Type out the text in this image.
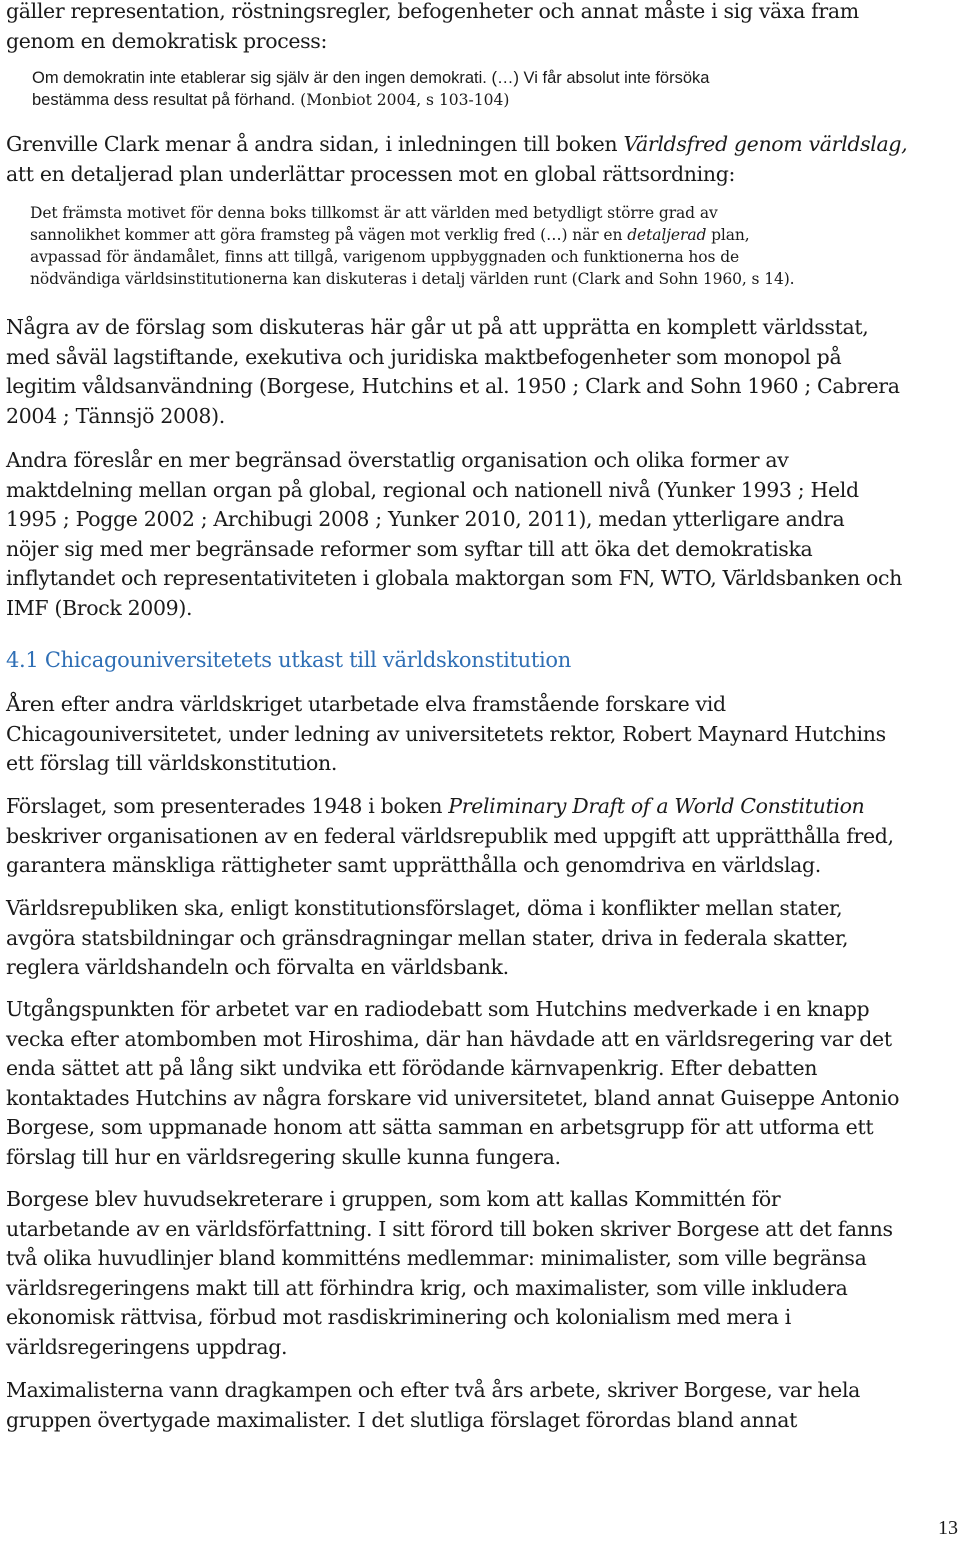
gäller representation, röstningsregler, befogenheter och annat måste i sig växa fram
genom en demokratisk process:

Om demokratin inte etablerar sig själv är den ingen demokrati. (…) Vi får absolut inte försöka
bestämma dess resultat på förhand. (Monbiot 2004, s 103-104)

Grenville Clark menar å andra sidan, i inledningen till boken Världsfred genom världslag,
att en detaljerad plan underlättar processen mot en global rättsordning:

Det främsta motivet för denna boks tillkomst är att världen med betydligt större grad av
sannolikhet kommer att göra framsteg på vägen mot verklig fred (…) när en detaljerad plan,
avpassad för ändamålet, finns att tillgå, varigenom uppbyggnaden och funktionerna hos de
nödvändiga världsinstitutionerna kan diskuteras i detalj världen runt (Clark and Sohn 1960, s 14).

Några av de förslag som diskuteras här går ut på att upprätta en komplett världsstat,
med såväl lagstiftande, exekutiva och juridiska maktbefogenheter som monopol på
legitim våldsanvändning (Borgese, Hutchins et al. 1950 ; Clark and Sohn 1960 ; Cabrera
2004 ; Tännsjö 2008).

Andra föreslår en mer begränsad överstatlig organisation och olika former av
maktdelning mellan organ på global, regional och nationell nivå (Yunker 1993 ; Held
1995 ; Pogge 2002 ; Archibugi 2008 ; Yunker 2010, 2011), medan ytterligare andra
nöjer sig med mer begränsade reformer som syftar till att öka det demokratiska
inflytandet och representativiteten i globala maktorgan som FN, WTO, Världsbanken och
IMF (Brock 2009).

4.1 Chicagouniversitetets utkast till världskonstitution

Åren efter andra världskriget utarbetade elva framstående forskare vid
Chicagouniversitetet, under ledning av universitetets rektor, Robert Maynard Hutchins
ett förslag till världskonstitution.

Förslaget, som presenterades 1948 i boken Preliminary Draft of a World Constitution
beskriver organisationen av en federal världsrepublik med uppgift att upprätthålla fred,
garantera mänskliga rättigheter samt upprätthålla och genomdriva en världslag.

Världsrepubliken ska, enligt konstitutionsförslaget, döma i konflikter mellan stater,
avgöra statsbildningar och gränsdragningar mellan stater, driva in federala skatter,
reglera världshandeln och förvalta en världsbank.

Utgångspunkten för arbetet var en radiodebatt som Hutchins medverkade i en knapp
vecka efter atombomben mot Hiroshima, där han hävdade att en världsregering var det
enda sättet att på lång sikt undvika ett förödande kärnvapenkrig. Efter debatten
kontaktades Hutchins av några forskare vid universitetet, bland annat Guiseppe Antonio
Borgese, som uppmanade honom att sätta samman en arbetsgrupp för att utforma ett
förslag till hur en världsregering skulle kunna fungera.

Borgese blev huvudsekreterare i gruppen, som kom att kallas Kommittén för
utarbetande av en världsförfattning. I sitt förord till boken skriver Borgese att det fanns
två olika huvudlinjer bland kommitténs medlemmar: minimalister, som ville begränsa
världsregeringens makt till att förhindra krig, och maximalister, som ville inkludera
ekonomisk rättvisa, förbud mot rasdiskriminering och kolonialism med mera i
världsregeringens uppdrag.

Maximalisterna vann dragkampen och efter två års arbete, skriver Borgese, var hela
gruppen övertygade maximalister. I det slutliga förslaget förordas bland annat

13
